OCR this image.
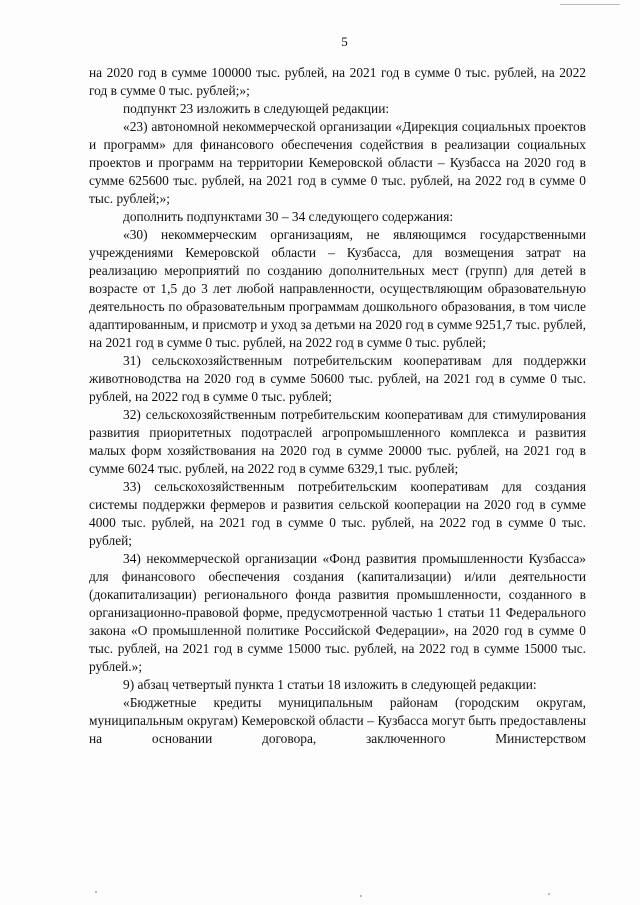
5

на 2020 год в сумме 100000 тыс. рублей, на 2021 год в сумме 0 тыс. рублей, на 2022 год в сумме 0 тыс. рублей;»;

подпункт 23 изложить в следующей редакции:

«23) автономной некоммерческой организации «Дирекция социальных проектов и программ» для финансового обеспечения содействия в реализации социальных проектов и программ на территории Кемеровской области – Кузбасса на 2020 год в сумме 625600 тыс. рублей, на 2021 год в сумме 0 тыс. рублей, на 2022 год в сумме 0 тыс. рублей;»;

дополнить подпунктами 30 – 34 следующего содержания:

«30) некоммерческим организациям, не являющимся государственными учреждениями Кемеровской области – Кузбасса, для возмещения затрат на реализацию мероприятий по созданию дополнительных мест (групп) для детей в возрасте от 1,5 до 3 лет любой направленности, осуществляющим образовательную деятельность по образовательным программам дошкольного образования, в том числе адаптированным, и присмотр и уход за детьми на 2020 год в сумме 9251,7 тыс. рублей, на 2021 год в сумме 0 тыс. рублей, на 2022 год в сумме 0 тыс. рублей;

31) сельскохозяйственным потребительским кооперативам для поддержки животноводства на 2020 год в сумме 50600 тыс. рублей, на 2021 год в сумме 0 тыс. рублей, на 2022 год в сумме 0 тыс. рублей;

32) сельскохозяйственным потребительским кооперативам для стимулирования развития приоритетных подотраслей агропромышленного комплекса и развития малых форм хозяйствования на 2020 год в сумме 20000 тыс. рублей, на 2021 год в сумме 6024 тыс. рублей, на 2022 год в сумме 6329,1 тыс. рублей;

33) сельскохозяйственным потребительским кооперативам для создания системы поддержки фермеров и развития сельской кооперации на 2020 год в сумме 4000 тыс. рублей, на 2021 год в сумме 0 тыс. рублей, на 2022 год в сумме 0 тыс. рублей;

34) некоммерческой организации «Фонд развития промышленности Кузбасса» для финансового обеспечения создания (капитализации) и/или деятельности (докапитализации) регионального фонда развития промышленности, созданного в организационно-правовой форме, предусмотренной частью 1 статьи 11 Федерального закона «О промышленной политике Российской Федерации», на 2020 год в сумме 0 тыс. рублей, на 2021 год в сумме 15000 тыс. рублей, на 2022 год в сумме 15000 тыс. рублей.»;

9) абзац четвертый пункта 1 статьи 18 изложить в следующей редакции:

«Бюджетные кредиты муниципальным районам (городским округам, муниципальным округам) Кемеровской области – Кузбасса могут быть предоставлены на основании договора, заключенного Министерством
